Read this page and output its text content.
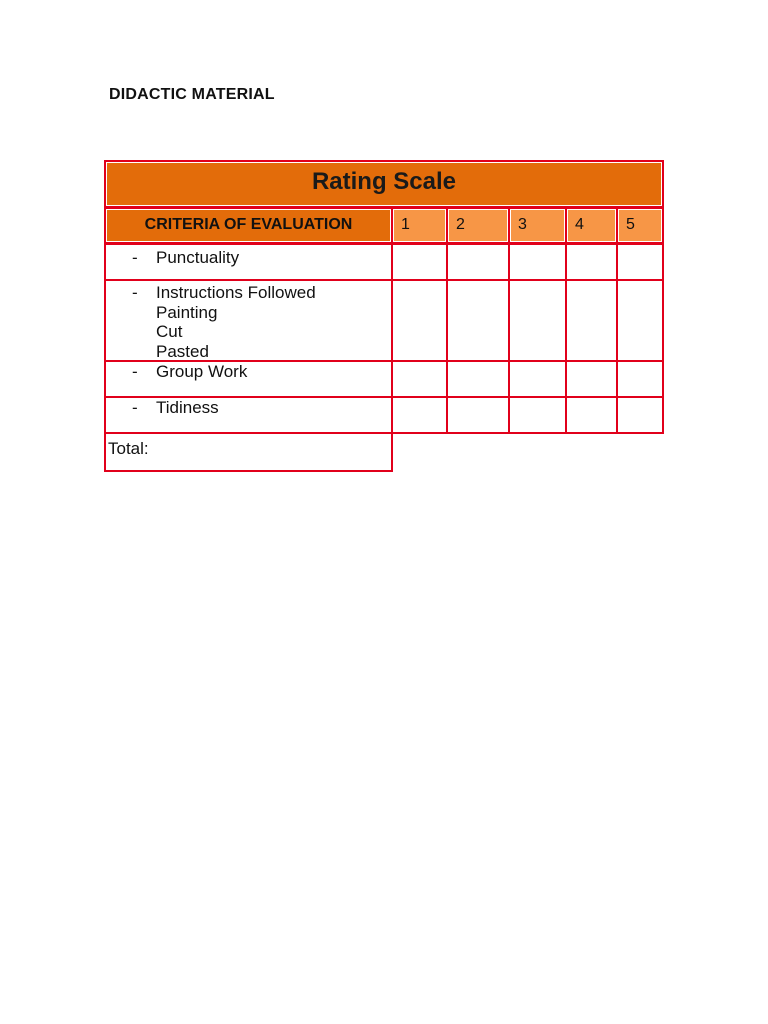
DIDACTIC MATERIAL
Rating Scale
CRITERIA OF EVALUATION	1	2	3	4	5
- Punctuality
- Instructions Followed
Painting
Cut
Pasted
- Group Work
- Tidiness
Total:
